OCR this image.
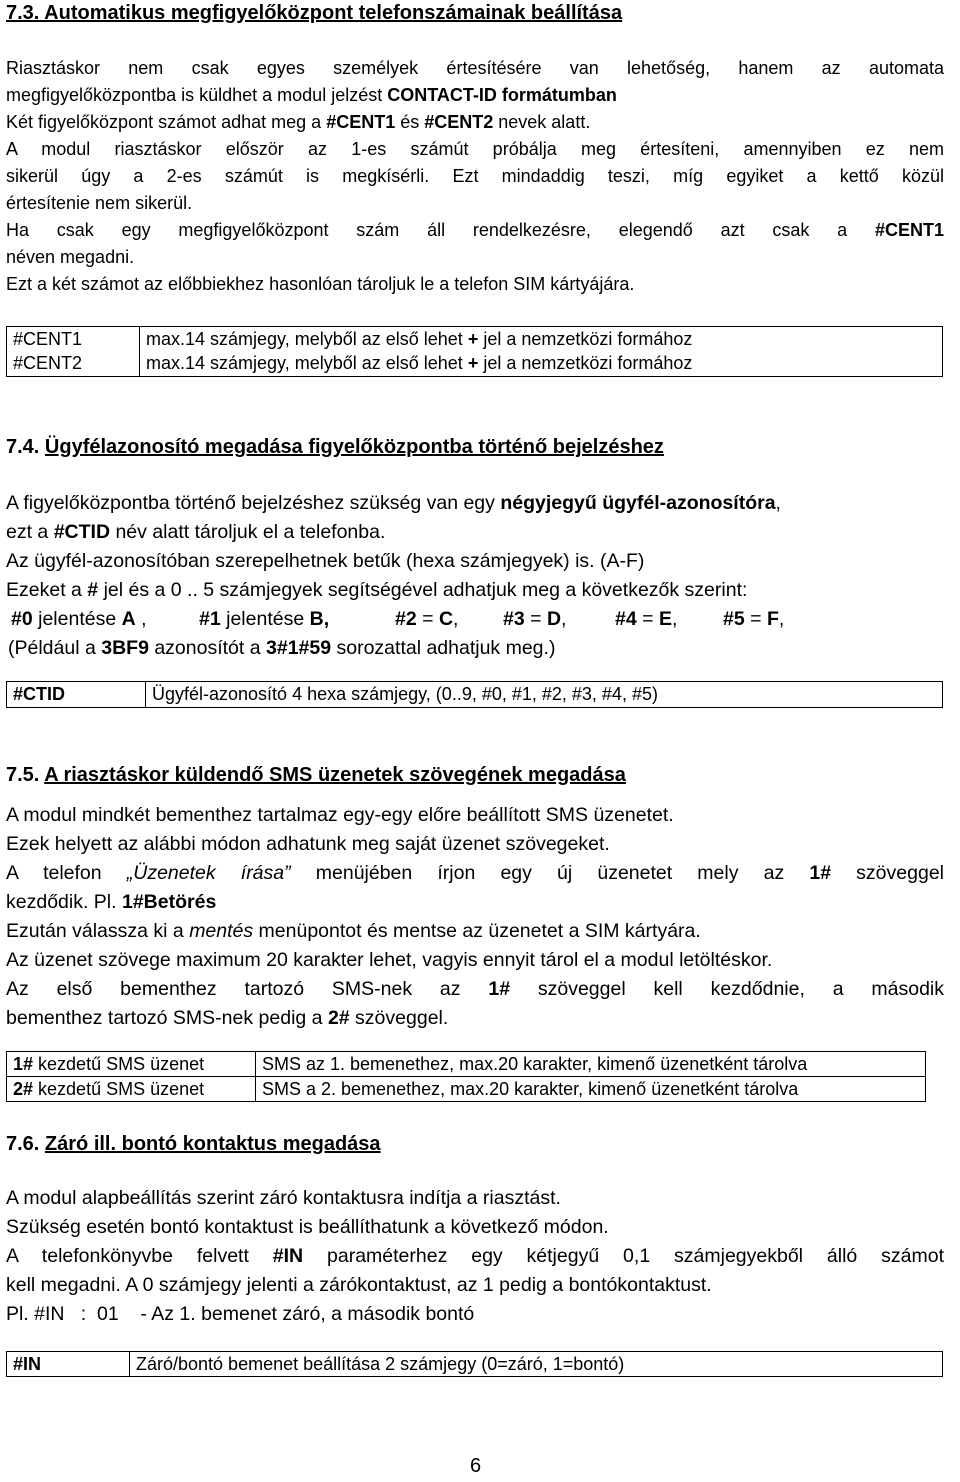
7.3. Automatikus megfigyelőközpont telefonszámainak beállítása

Riasztáskor nem csak egyes személyek értesítésére van lehetőség, hanem az automata

megfigyelőközpontba is küldhet a modul jelzést CONTACT-ID formátumban

Két figyelőközpont számot adhat meg a #CENT1 és #CENT2 nevek alatt.

A modul riasztáskor először az 1-es számút próbálja meg értesíteni, amennyiben ez nem

sikerül úgy a 2-es számút is megkísérli. Ezt mindaddig teszi, míg egyiket a kettő közül

értesítenie nem sikerül.

Ha csak egy megfigyelőközpont szám áll rendelkezésre, elegendő azt csak a #CENT1

néven megadni.

Ezt a két számot az előbbiekhez hasonlóan tároljuk le a telefon SIM kártyájára.

#CENT1	max.14 számjegy, melyből az első lehet + jel a nemzetközi formához
#CENT2	max.14 számjegy, melyből az első lehet + jel a nemzetközi formához
7.4. Ügyfélazonosító megadása figyelőközpontba történő bejelzéshez

A figyelőközpontba történő bejelzéshez szükség van egy négyjegyű ügyfél-azonosítóra,

ezt a #CTID név alatt tároljuk el a telefonba.

Az ügyfél-azonosítóban szerepelhetnek betűk (hexa számjegyek) is. (A-F)

Ezeket a # jel és a 0 .. 5 számjegyek segítségével adhatjuk meg a következők szerint:

#0 jelentése A ,	#1 jelentése B,	#2 = C, #3 = D, #4 = E, #5 = F,

(Például a 3BF9 azonosítót a 3#1#59 sorozattal adhatjuk meg.)

#CTID	Ügyfél-azonosító 4 hexa számjegy, (0..9, #0, #1, #2, #3, #4, #5)
7.5. A riasztáskor küldendő SMS üzenetek szövegének megadása

A modul mindkét bementhez tartalmaz egy-egy előre beállított SMS üzenetet.

Ezek helyett az alábbi módon adhatunk meg saját üzenet szövegeket.

A telefon „Üzenetek írása” menüjében írjon egy új üzenetet mely az 1# szöveggel

kezdődik. Pl. 1#Betörés

Ezután válassza ki a mentés menüpontot és mentse az üzenetet a SIM kártyára.

Az üzenet szövege maximum 20 karakter lehet, vagyis ennyit tárol el a modul letöltéskor.

Az első bementhez tartozó SMS-nek az 1# szöveggel kell kezdődnie, a második

bementhez tartozó SMS-nek pedig a 2# szöveggel.

1# kezdetű SMS üzenet	SMS az 1. bemenethez, max.20 karakter, kimenő üzenetként tárolva
2# kezdetű SMS üzenet	SMS a 2. bemenethez, max.20 karakter, kimenő üzenetként tárolva
7.6. Záró ill. bontó kontaktus megadása

A modul alapbeállítás szerint záró kontaktusra indítja a riasztást.

Szükség esetén bontó kontaktust is beállíthatunk a következő módon.

A telefonkönyvbe felvett #IN paraméterhez egy kétjegyű 0,1 számjegyekből álló számot

kell megadni. A 0 számjegy jelenti a zárókontaktust, az 1 pedig a bontókontaktust.

Pl. #IN   :  01    - Az 1. bemenet záró, a második bontó

#IN	Záró/bontó bemenet beállítása 2 számjegy (0=záró, 1=bontó)
6
